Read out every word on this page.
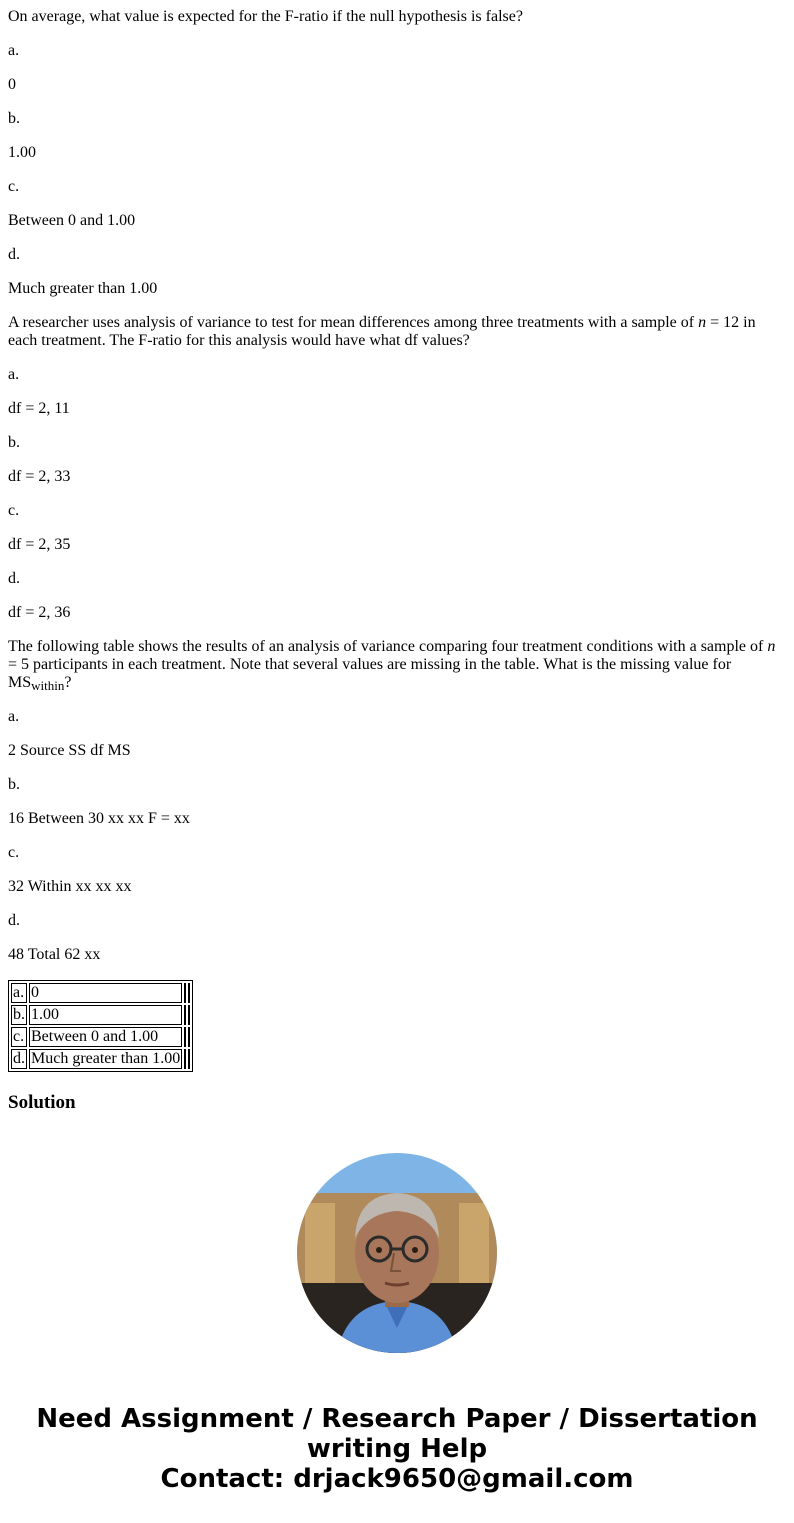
On average, what value is expected for the F-ratio if the null hypothesis is false?

a.

0

b.

1.00

c.

Between 0 and 1.00

d.

Much greater than 1.00

A researcher uses analysis of variance to test for mean differences among three treatments with a sample of n = 12 in each treatment. The F-ratio for this analysis would have what df values?

a.

df = 2, 11

b.

df = 2, 33

c.

df = 2, 35

d.

df = 2, 36

The following table shows the results of an analysis of variance comparing four treatment conditions with a sample of n = 5 participants in each treatment. Note that several values are missing in the table. What is the missing value for $MS_{within}$?

a.

2 Source SS df MS

b.

16 Between 30 xx xx F = xx

c.

32 Within xx xx xx

d.

48 Total 62 xx

a.	0		
b.	1.00		
c.	Between 0 and 1.00		
d.	Much greater than 1.00		
Solution
Need Assignment / Research Paper / Dissertation
writing Help
Contact: drjack9650@gmail.com
